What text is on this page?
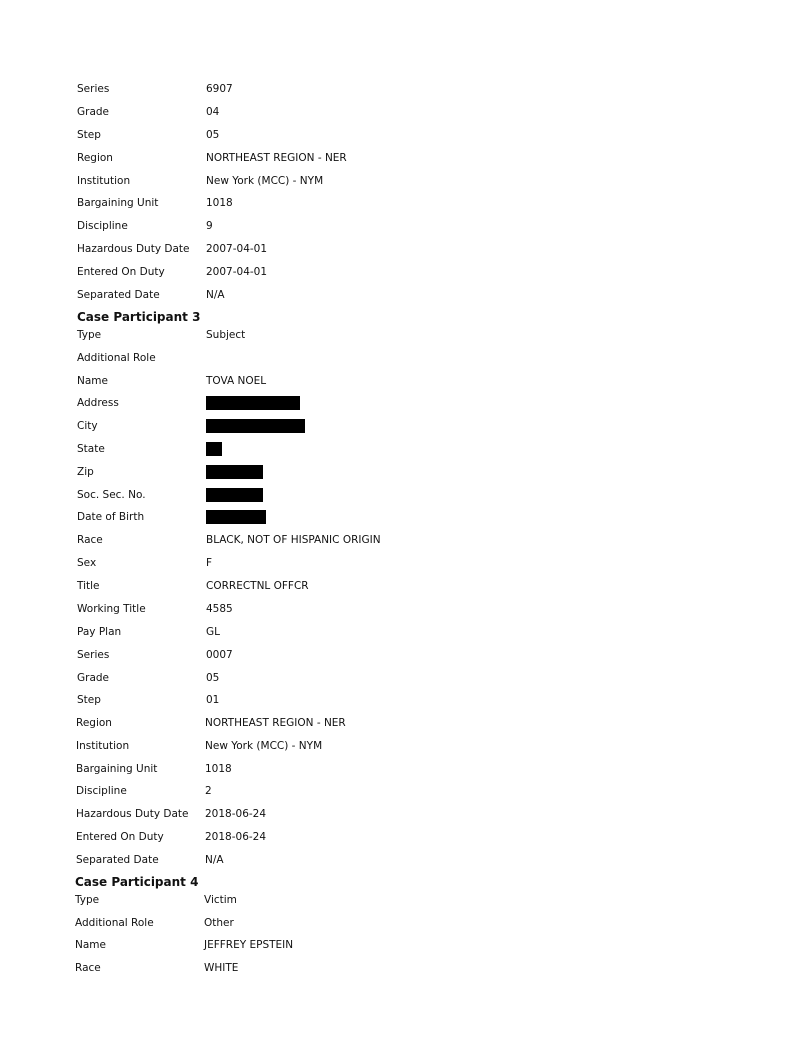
Series	6907
Grade	04
Step	05
Region	NORTHEAST REGION - NER
Institution	New York (MCC) - NYM
Bargaining Unit	1018
Discipline	9
Hazardous Duty Date 2007-04-01
Entered On Duty	2007-04-01
Separated Date	N/A
Case Participant 3
Type	Subject
Additional Role
Name	TOVA NOEL
Address
City
State
Zip
Soc. Sec. No.
Date of Birth
Race	BLACK, NOT OF HISPANIC ORIGIN
Sex	F
Title	CORRECTNL OFFCR
Working Title	4585
Pay Plan	GL
Series	0007
Grade	05
Step	01
Region	NORTHEAST REGION - NER
Institution	New York (MCC) - NYM
Bargaining Unit	1018
Discipline	2
Hazardous Duty Date 2018-06-24
Entered On Duty	2018-06-24
Separated Date	N/A
Case Participant 4
Type	Victim
Additional Role	Other
Name	JEFFREY EPSTEIN
Race	WHITE
